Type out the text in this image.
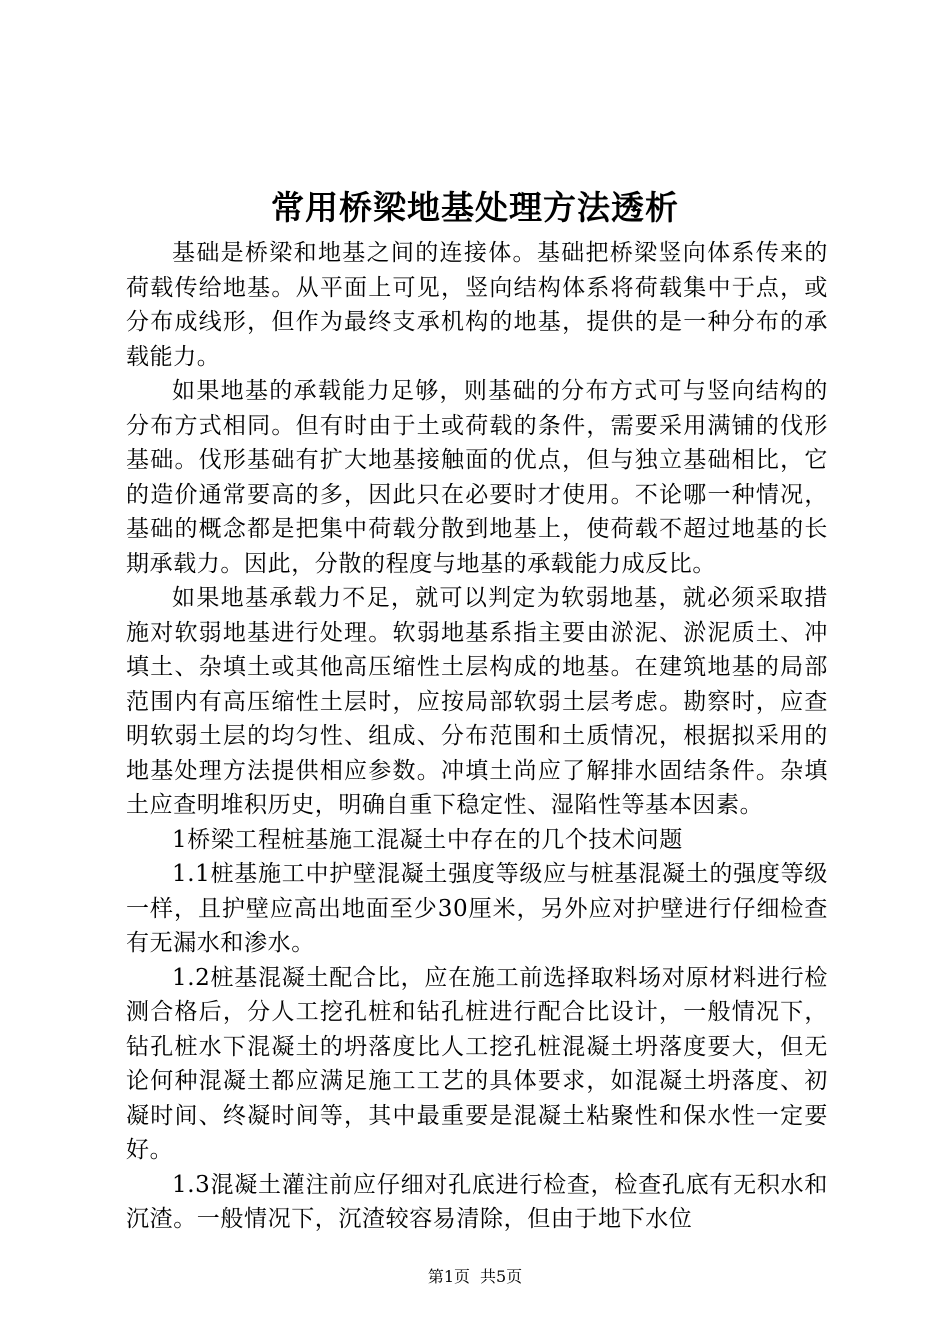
常用桥梁地基处理方法透析

基础是桥梁和地基之间的连接体。基础把桥梁竖向体系传来的荷载传给地基。从平面上可见，竖向结构体系将荷载集中于点，或分布成线形，但作为最终支承机构的地基，提供的是一种分布的承载能力。

如果地基的承载能力足够，则基础的分布方式可与竖向结构的分布方式相同。但有时由于土或荷载的条件，需要采用满铺的伐形基础。伐形基础有扩大地基接触面的优点，但与独立基础相比，它的造价通常要高的多，因此只在必要时才使用。不论哪一种情况，基础的概念都是把集中荷载分散到地基上，使荷载不超过地基的长期承载力。因此，分散的程度与地基的承载能力成反比。

如果地基承载力不足，就可以判定为软弱地基，就必须采取措施对软弱地基进行处理。软弱地基系指主要由淤泥、淤泥质土、冲填土、杂填土或其他高压缩性土层构成的地基。在建筑地基的局部范围内有高压缩性土层时，应按局部软弱土层考虑。勘察时，应查明软弱土层的均匀性、组成、分布范围和土质情况，根据拟采用的地基处理方法提供相应参数。冲填土尚应了解排水固结条件。杂填土应查明堆积历史，明确自重下稳定性、湿陷性等基本因素。

1桥梁工程桩基施工混凝土中存在的几个技术问题

1.1桩基施工中护壁混凝土强度等级应与桩基混凝土的强度等级一样，且护壁应高出地面至少30厘米，另外应对护壁进行仔细检查有无漏水和渗水。

1.2桩基混凝土配合比，应在施工前选择取料场对原材料进行检测合格后，分人工挖孔桩和钻孔桩进行配合比设计，一般情况下，钻孔桩水下混凝土的坍落度比人工挖孔桩混凝土坍落度要大，但无论何种混凝土都应满足施工工艺的具体要求，如混凝土坍落度、初凝时间、终凝时间等，其中最重要是混凝土粘聚性和保水性一定要好。

1.3混凝土灌注前应仔细对孔底进行检查，检查孔底有无积水和沉渣。一般情况下，沉渣较容易清除，但由于地下水位

第1页 共5页
